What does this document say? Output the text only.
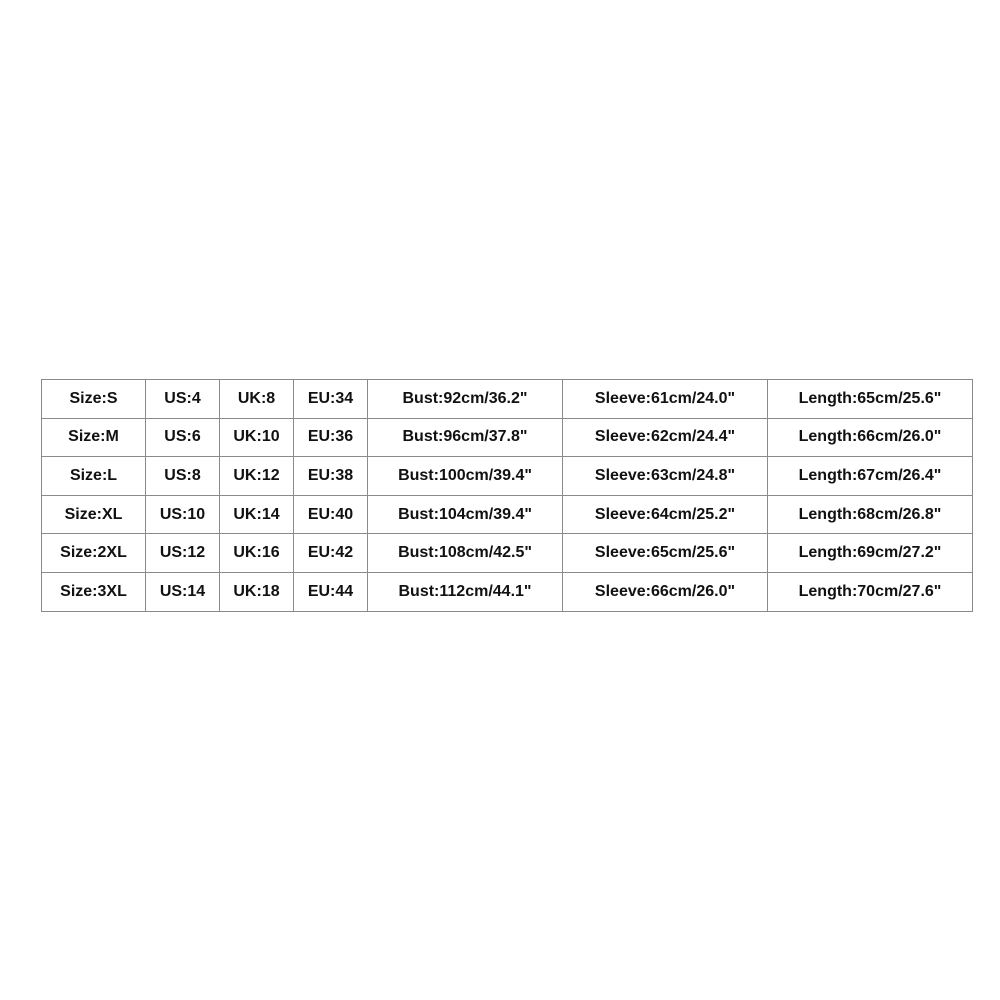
Size:S	US:4	UK:8	EU:34	Bust:92cm/36.2"	Sleeve:61cm/24.0"	Length:65cm/25.6"
Size:M	US:6	UK:10	EU:36	Bust:96cm/37.8"	Sleeve:62cm/24.4"	Length:66cm/26.0"
Size:L	US:8	UK:12	EU:38	Bust:100cm/39.4"	Sleeve:63cm/24.8"	Length:67cm/26.4"
Size:XL	US:10	UK:14	EU:40	Bust:104cm/39.4"	Sleeve:64cm/25.2"	Length:68cm/26.8"
Size:2XL	US:12	UK:16	EU:42	Bust:108cm/42.5"	Sleeve:65cm/25.6"	Length:69cm/27.2"
Size:3XL	US:14	UK:18	EU:44	Bust:112cm/44.1"	Sleeve:66cm/26.0"	Length:70cm/27.6"
